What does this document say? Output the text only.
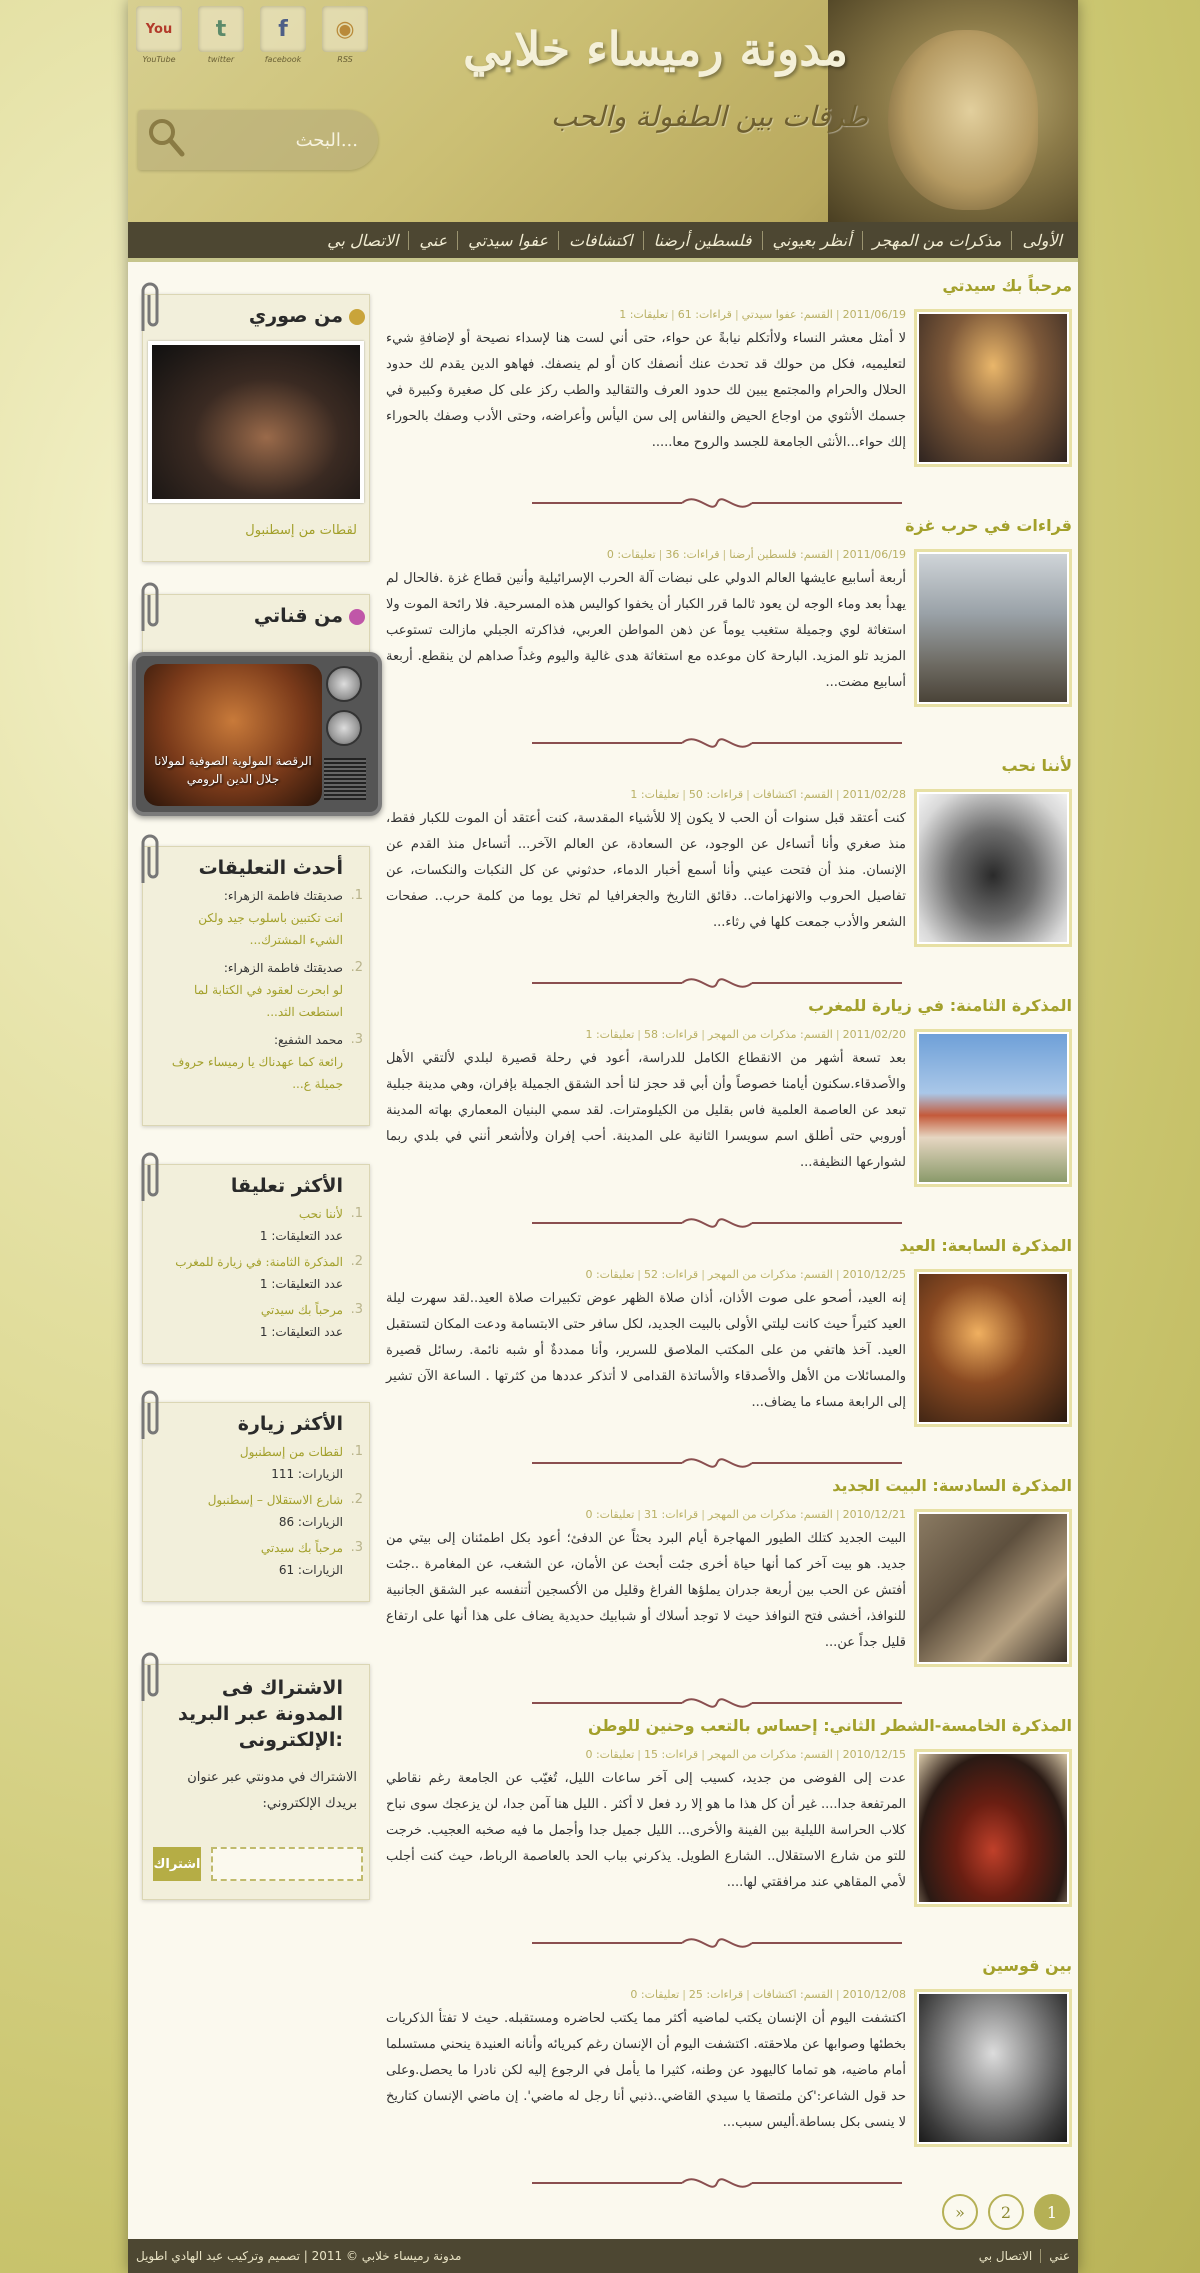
مدونة رميساء خلابي
طرقات بين الطفولة والحب
You
YouTube
t
twitter
f
facebook
◉
RSS
البحث...
الأولى
مذكرات من المهجر
أنظر بعيوني
فلسطين أرضنا
اكتشافات
عفوا سيدتي
عني
الاتصال بي
مرحباً بك سيدتي
2011/06/19|القسم: عفوا سيدتي|قراءات: 61|تعليقات: 1
لا أمثل معشر النساء ولاأتكلم نيابةً عن حواء، حتى أني لست هنا لإسداء نصيحة أو لإضافةِ شيء لتعليميه، فكل من حولك قد تحدث عنك أنصفك كان أو لم ينصفك. فهاهو الدين يقدم لك حدود الحلال والحرام والمجتمع يبين لك حدود العرف والتقاليد والطب ركز على كل صغيرة وكبيرة في جسمك الأنثوي من اوجاع الحيض والنفاس إلى سن اليأس وأعراضه، وحتى الأدب وصفك بالحوراء إلك حواء...الأنثى الجامعة للجسد والروح معا.....
قراءات في حرب غزة
2011/06/19|القسم: فلسطين أرضنا|قراءات: 36|تعليقات: 0
أربعة أسابيع عايشها العالم الدولي على نبضات آلة الحرب الإسرائيلية وأنين قطاع غزة .فالحال لم يهدأ بعد وماء الوجه لن يعود ثالما قرر الكبار أن يخفوا كواليس هذه المسرحية. فلا رائحة الموت ولا استغاثة لوي وجميلة ستغيب يوماً عن ذهن المواطن العربي، فذاكرته الجبلي مازالت تستوعب المزيد تلو المزيد. البارحة كان موعده مع استغاثة هدى غالية واليوم وغداً صداهم لن ينقطع. أربعة أسابيع مضت...
لأننا نحب
2011/02/28|القسم: اكتشافات|قراءات: 50|تعليقات: 1
كنت أعتقد قبل سنوات أن الحب لا يكون إلا للأشياء المقدسة، كنت أعتقد أن الموت للكبار فقط، منذ صغري وأنا أتساءل عن الوجود، عن السعادة، عن العالم الآخر... أتساءل منذ القدم عن الإنسان. منذ أن فتحت عيني وأنا أسمع أخبار الدماء، حدثوني عن كل النكبات والنكسات، عن تفاصيل الحروب والانهزامات.. دقائق التاريخ والجغرافيا لم تخل يوما من كلمة حرب.. صفحات الشعر والأدب جمعت كلها في رثاء...
المذكرة الثامنة: في زيارة للمغرب
2011/02/20|القسم: مذكرات من المهجر|قراءات: 58|تعليقات: 1
بعد تسعة أشهر من الانقطاع الكامل للدراسة، أعود في رحلة قصيرة لبلدي لألتقي الأهل والأصدقاء.سكنون أيامنا خصوصاً وأن أبي قد حجز لنا أحد الشقق الجميلة بإفران، وهي مدينة جبلية تبعد عن العاصمة العلمية فاس بقليل من الكيلومترات. لقد سمي البنيان المعماري بهاته المدينة أوروبي حتى أطلق اسم سويسرا الثانية على المدينة. أحب إفران ولاأشعر أنني في بلدي ربما لشوارعها النظيفة...
المذكرة السابعة: العيد
2010/12/25|القسم: مذكرات من المهجر|قراءات: 52|تعليقات: 0
إنه العيد، أصحو على صوت الأذان، أذان صلاة الظهر عوض تكبيرات صلاة العيد..لقد سهرت ليلة العيد كثيراً حيث كانت ليلتي الأولى بالبيت الجديد، لكل سافر حتى الابتسامة ودعت المكان لتستقبل العيد. آخذ هاتفي من على المكتب الملاصق للسرير، وأنا ممددةٌ أو شبه نائمة. رسائل قصيرة والمسائلات من الأهل والأصدقاء والأساتذة القدامى لا أتذكر عددها من كثرتها . الساعة الآن تشير إلى الرابعة مساء ما يضاف...
المذكرة السادسة: البيت الجديد
2010/12/21|القسم: مذكرات من المهجر|قراءات: 31|تعليقات: 0
البيت الجديد كتلك الطيور المهاجرة أيام البرد بحثاً عن الدفئ؛ أعود بكل اطمئنان إلى بيتي من جديد. هو بيت آخر كما أنها حياة أخرى جئت أبحث عن الأمان، عن الشغب، عن المغامرة ..جئت أفتش عن الحب بين أربعة جدران يملؤها الفراغ وقليل من الأكسجين أتنفسه عبر الشقق الجانبية للنوافذ، أخشى فتح النوافذ حيث لا توجد أسلاك أو شبابيك حديدية يضاف على هذا أنها على ارتفاع قليل جداً عن...
المذكرة الخامسة-الشطر الثاني: إحساس بالتعب وحنين للوطن
2010/12/15|القسم: مذكرات من المهجر|قراءات: 15|تعليقات: 0
عدت إلى الفوضى من جديد، كسيب إلى آخر ساعات الليل، تُغيّب عن الجامعة رغم نقاطي المرتفعة جدا.... غير أن كل هذا ما هو إلا رد فعل لا أكثر . الليل هنا آمن جدا، لن يزعجك سوى نباح كلاب الحراسة الليلية بين الفينة والأخرى... الليل جميل جدا وأجمل ما فيه صخبه العجيب. خرجت للتو من شارع الاستقلال.. الشارع الطويل. يذكرني بباب الحد بالعاصمة الرباط، حيث كنت أجلب لأمي المقاهي عند مرافقتي لها....
بين قوسين
2010/12/08|القسم: اكتشافات|قراءات: 25|تعليقات: 0
اكتشفت اليوم أن الإنسان يكتب لماضيه أكثر مما يكتب لحاضره ومستقبله. حيث لا تفتأ الذكريات بخطئها وصوابها عن ملاحقته. اكتشفت اليوم أن الإنسان رغم كبريائه وأنانه العنيدة ينحني مستسلما أمام ماضيه، هو تماما كاليهود عن وطنه، كثيرا ما يأمل في الرجوع إليه لكن نادرا ما يحصل.وعلى حد قول الشاعر:'كن ملتصقا يا سيدي القاضي..ذنبي أنا رجل له ماضي'. إن ماضي الإنسان كتاريخ لا ينسى بكل بساطة.أليس سبب...
1
2
»
من صوري
لقطات من إسطنبول
من قناتي
الرقصة المولوية الصوفية لمولانا جلال الدين الرومي
أحدث التعليقات
1.
صديقتك فاطمة الزهراء:
انت تكتبين باسلوب جيد ولكن الشيء المشترك...
2.
صديقتك فاطمة الزهراء:
لو ابحرت لعقود في الكتابة لما استطعت الثد...
3.
محمد الشفيع:
رائعة كما عهدناك يا رميساء حروف جميلة ع...
الأكثر تعليقا
1.
لأننا نحب
عدد التعليقات: 1
2.
المذكرة الثامنة: في زيارة للمغرب
عدد التعليقات: 1
3.
مرحباً بك سيدتي
عدد التعليقات: 1
الأكثر زيارة
1.
لقطات من إسطنبول
الزيارات: 111
2.
شارع الاستقلال – إسطنبول
الزيارات: 86
3.
مرحباً بك سيدتي
الزيارات: 61
الاشتراك فى المدونة عبر البريد الإلكترونى:
الاشتراك في مدونتي عبر عنوان بريدك الإلكتروني:
اشتراك
عني
الاتصال بي
مدونة رميساء خلابي © 2011 | تصميم وتركيب عبد الهادي اطويل
